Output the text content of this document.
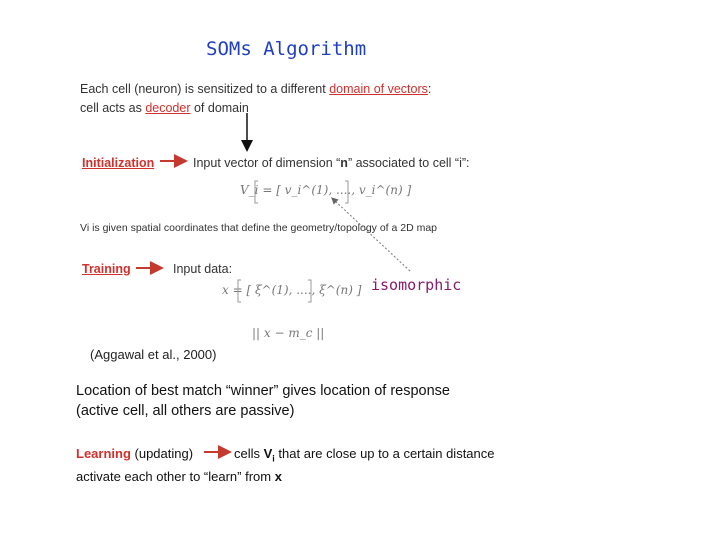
SOMs Algorithm
Each cell (neuron) is sensitized to a different domain of vectors:
cell acts as decoder of domain
Initialization	Input vector of dimension “n” associated to cell “i”:
V_i = [ v_i^(1), ...., v_i^(n) ]
Vi is given spatial coordinates that define the geometry/topology of a 2D map
Training	Input data:
x = [ ξ^(1), ...., ξ^(n) ]
|| x − m_c ||
isomorphic
(Aggawal et al., 2000)
Location of best match “winner” gives location of response
(active cell, all others are passive)
Learning (updating)	cells $V_i$ that are close up to a certain distance
activate each other to “learn” from x
